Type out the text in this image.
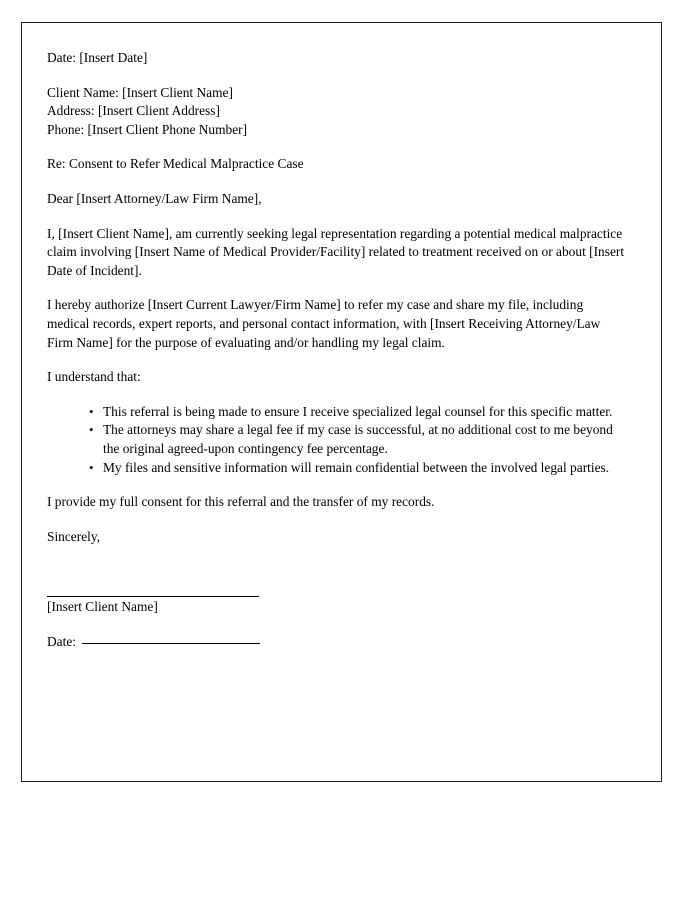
Date: [Insert Date]
Client Name: [Insert Client Name]
Address: [Insert Client Address]
Phone: [Insert Client Phone Number]
Re: Consent to Refer Medical Malpractice Case
Dear [Insert Attorney/Law Firm Name],

I, [Insert Client Name], am currently seeking legal representation regarding a potential medical malpractice claim involving [Insert Name of Medical Provider/Facility] related to treatment received on or about [Insert Date of Incident].

I hereby authorize [Insert Current Lawyer/Firm Name] to refer my case and share my file, including medical records, expert reports, and personal contact information, with [Insert Receiving Attorney/Law Firm Name] for the purpose of evaluating and/or handling my legal claim.

I understand that:

• This referral is being made to ensure I receive specialized legal counsel for this specific matter.
• The attorneys may share a legal fee if my case is successful, at no additional cost to me beyond the original agreed-upon contingency fee percentage.
• My files and sensitive information will remain confidential between the involved legal parties.

I provide my full consent for this referral and the transfer of my records.

Sincerely,

[Insert Client Name]
Date:
